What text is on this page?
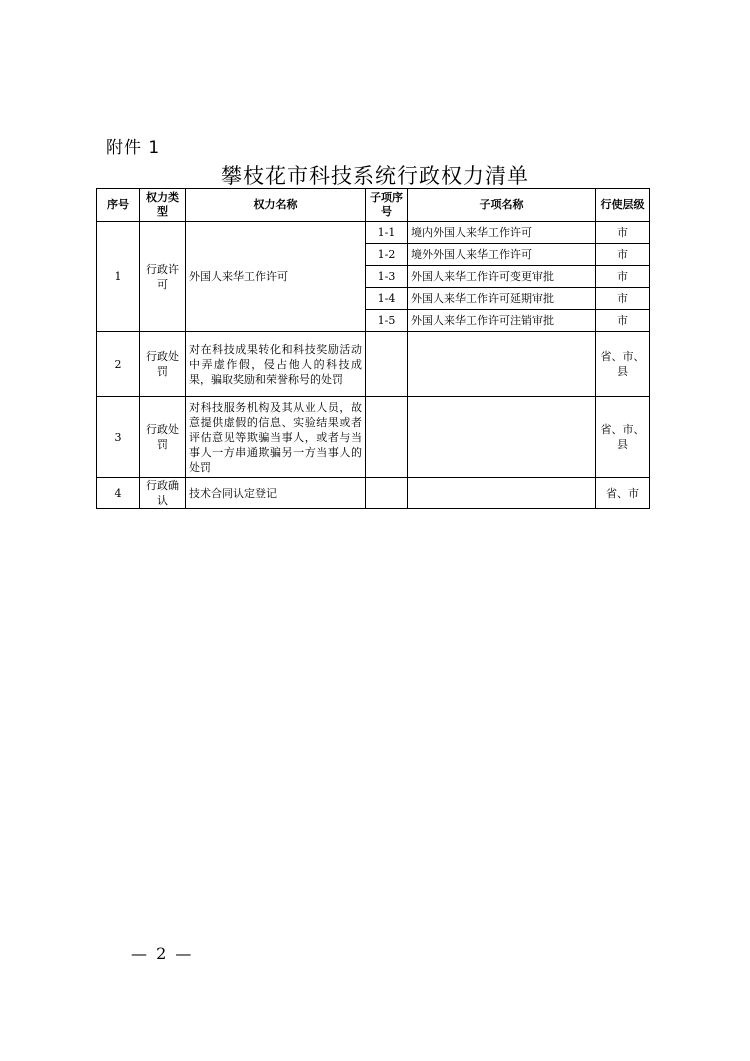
附件 1
攀枝花市科技系统行政权力清单
序号	权力类型	权力名称	子项序号	子项名称	行使层级
1	行政许可	外国人来华工作许可	1-1	境内外国人来华工作许可	市
			1-2	境外外国人来华工作许可	市
			1-3	外国人来华工作许可变更审批	市
			1-4	外国人来华工作许可延期审批	市
			1-5	外国人来华工作许可注销审批	市
2	行政处罚	对在科技成果转化和科技奖励活动中弄虚作假，侵占他人的科技成果，骗取奖励和荣誉称号的处罚			省、市、县
3	行政处罚	对科技服务机构及其从业人员，故意提供虚假的信息、实验结果或者评估意见等欺骗当事人，或者与当事人一方串通欺骗另一方当事人的处罚			省、市、县
4	行政确认	技术合同认定登记			省、市
— 2 —
